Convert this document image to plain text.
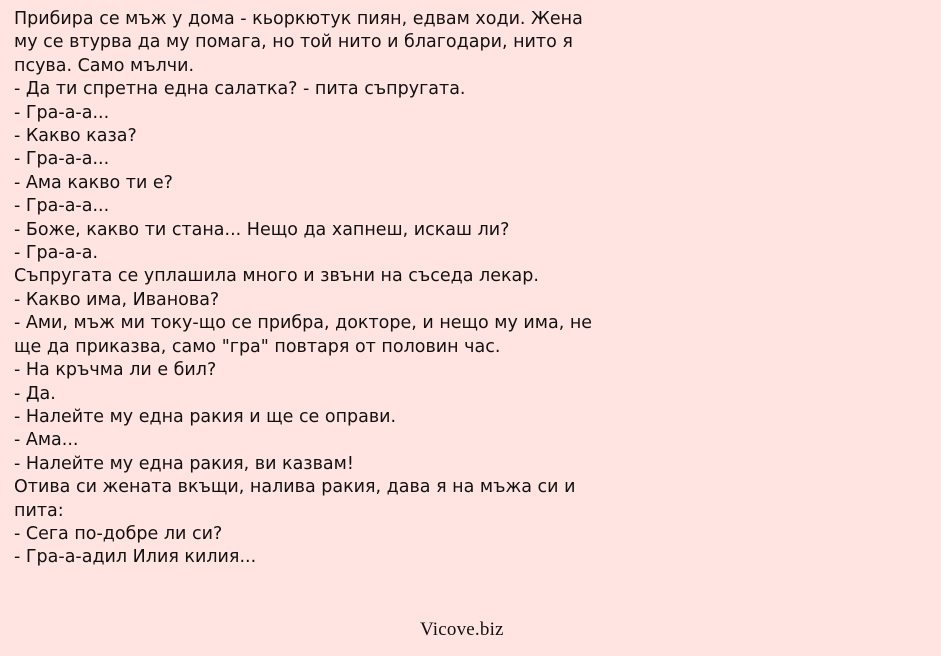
Прибира се мъж у дома - кьоркютук пиян, едвам ходи. Жена му се втурва да му помага, но той нито и благодари, нито я псува. Само мълчи.
- Да ти спретна една салатка? - пита съпругата.
- Гра-а-а...
- Какво каза?
- Гра-а-а...
- Ама какво ти е?
- Гра-а-а...
- Боже, какво ти стана... Нещо да хапнеш, искаш ли?
- Гра-а-а.
Съпругата се уплашила много и звъни на съседа лекар.
- Какво има, Иванова?
- Ами, мъж ми току-що се прибра, докторе, и нещо му има, не ще да приказва, само "гра" повтаря от половин час.
- На кръчма ли е бил?
- Да.
- Налейте му една ракия и ще се оправи.
- Ама...
- Налейте му една ракия, ви казвам!
Отива си жената вкъщи, налива ракия, дава я на мъжа си и пита:
- Сега по-добре ли си?
- Гра-а-адил Илия килия...
Vicove.biz
